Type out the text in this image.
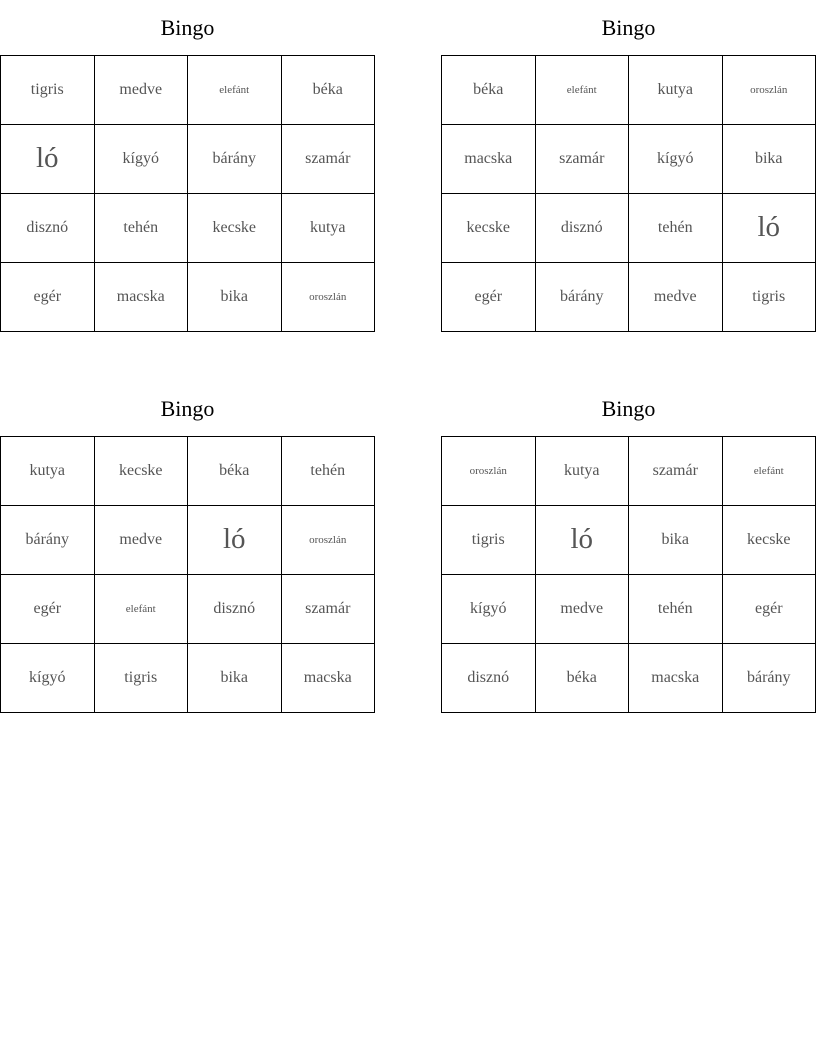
Bingo
tigris	medve	elefánt	béka
ló	kígyó	bárány	szamár
disznó	tehén	kecske	kutya
egér	macska	bika	oroszlán
Bingo
béka	elefánt	kutya	oroszlán
macska	szamár	kígyó	bika
kecske	disznó	tehén	ló
egér	bárány	medve	tigris
Bingo
kutya	kecske	béka	tehén
bárány	medve	ló	oroszlán
egér	elefánt	disznó	szamár
kígyó	tigris	bika	macska
Bingo
oroszlán	kutya	szamár	elefánt
tigris	ló	bika	kecske
kígyó	medve	tehén	egér
disznó	béka	macska	bárány
